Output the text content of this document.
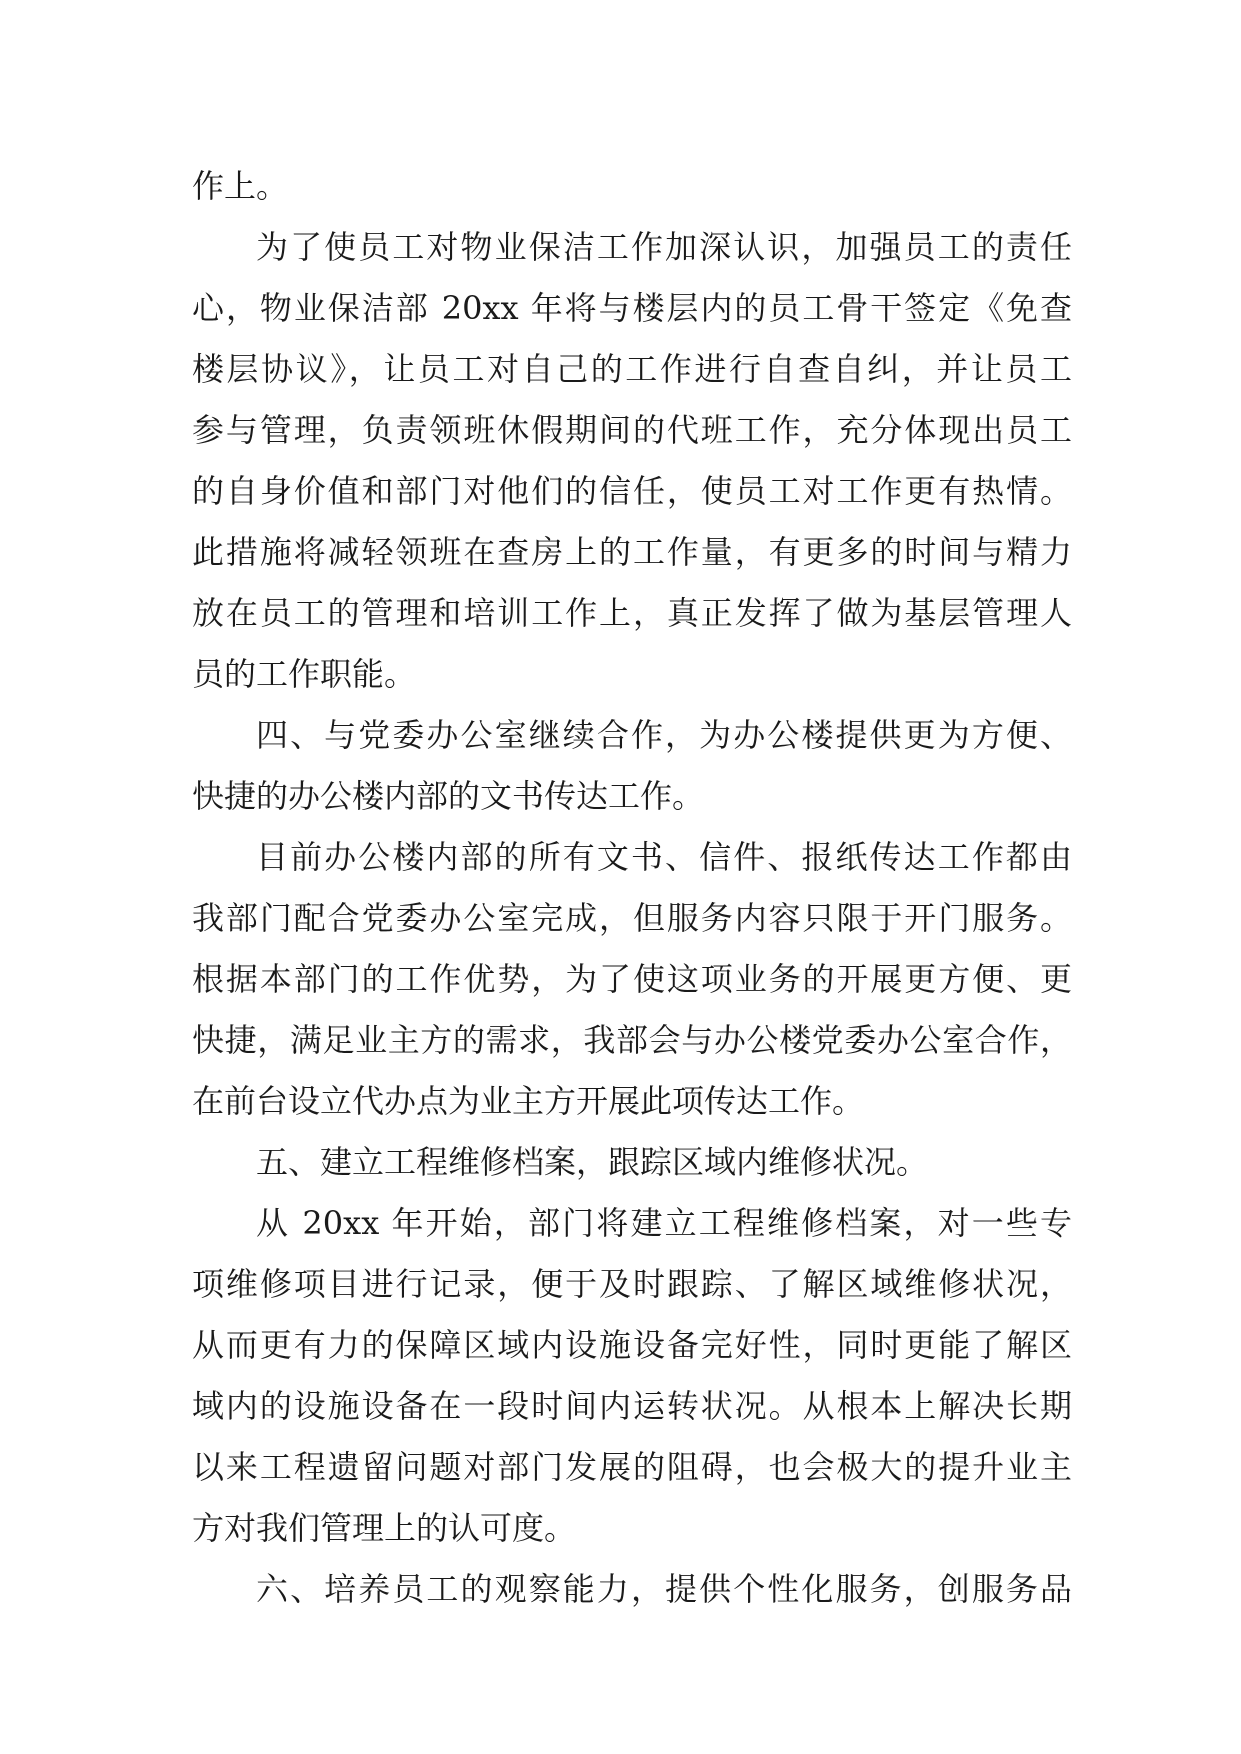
作上。
为了使员工对物业保洁工作加深认识，加强员工的责任
心，物业保洁部 20xx 年将与楼层内的员工骨干签定《免查
楼层协议》，让员工对自己的工作进行自查自纠，并让员工
参与管理，负责领班休假期间的代班工作，充分体现出员工
的自身价值和部门对他们的信任，使员工对工作更有热情。
此措施将减轻领班在查房上的工作量，有更多的时间与精力
放在员工的管理和培训工作上，真正发挥了做为基层管理人
员的工作职能。
四、与党委办公室继续合作，为办公楼提供更为方便、
快捷的办公楼内部的文书传达工作。
目前办公楼内部的所有文书、信件、报纸传达工作都由
我部门配合党委办公室完成，但服务内容只限于开门服务。
根据本部门的工作优势，为了使这项业务的开展更方便、更
快捷，满足业主方的需求，我部会与办公楼党委办公室合作，
在前台设立代办点为业主方开展此项传达工作。
五、建立工程维修档案，跟踪区域内维修状况。
从 20xx 年开始，部门将建立工程维修档案，对一些专
项维修项目进行记录，便于及时跟踪、了解区域维修状况，
从而更有力的保障区域内设施设备完好性，同时更能了解区
域内的设施设备在一段时间内运转状况。从根本上解决长期
以来工程遗留问题对部门发展的阻碍，也会极大的提升业主
方对我们管理上的认可度。
六、培养员工的观察能力，提供个性化服务，创服务品
